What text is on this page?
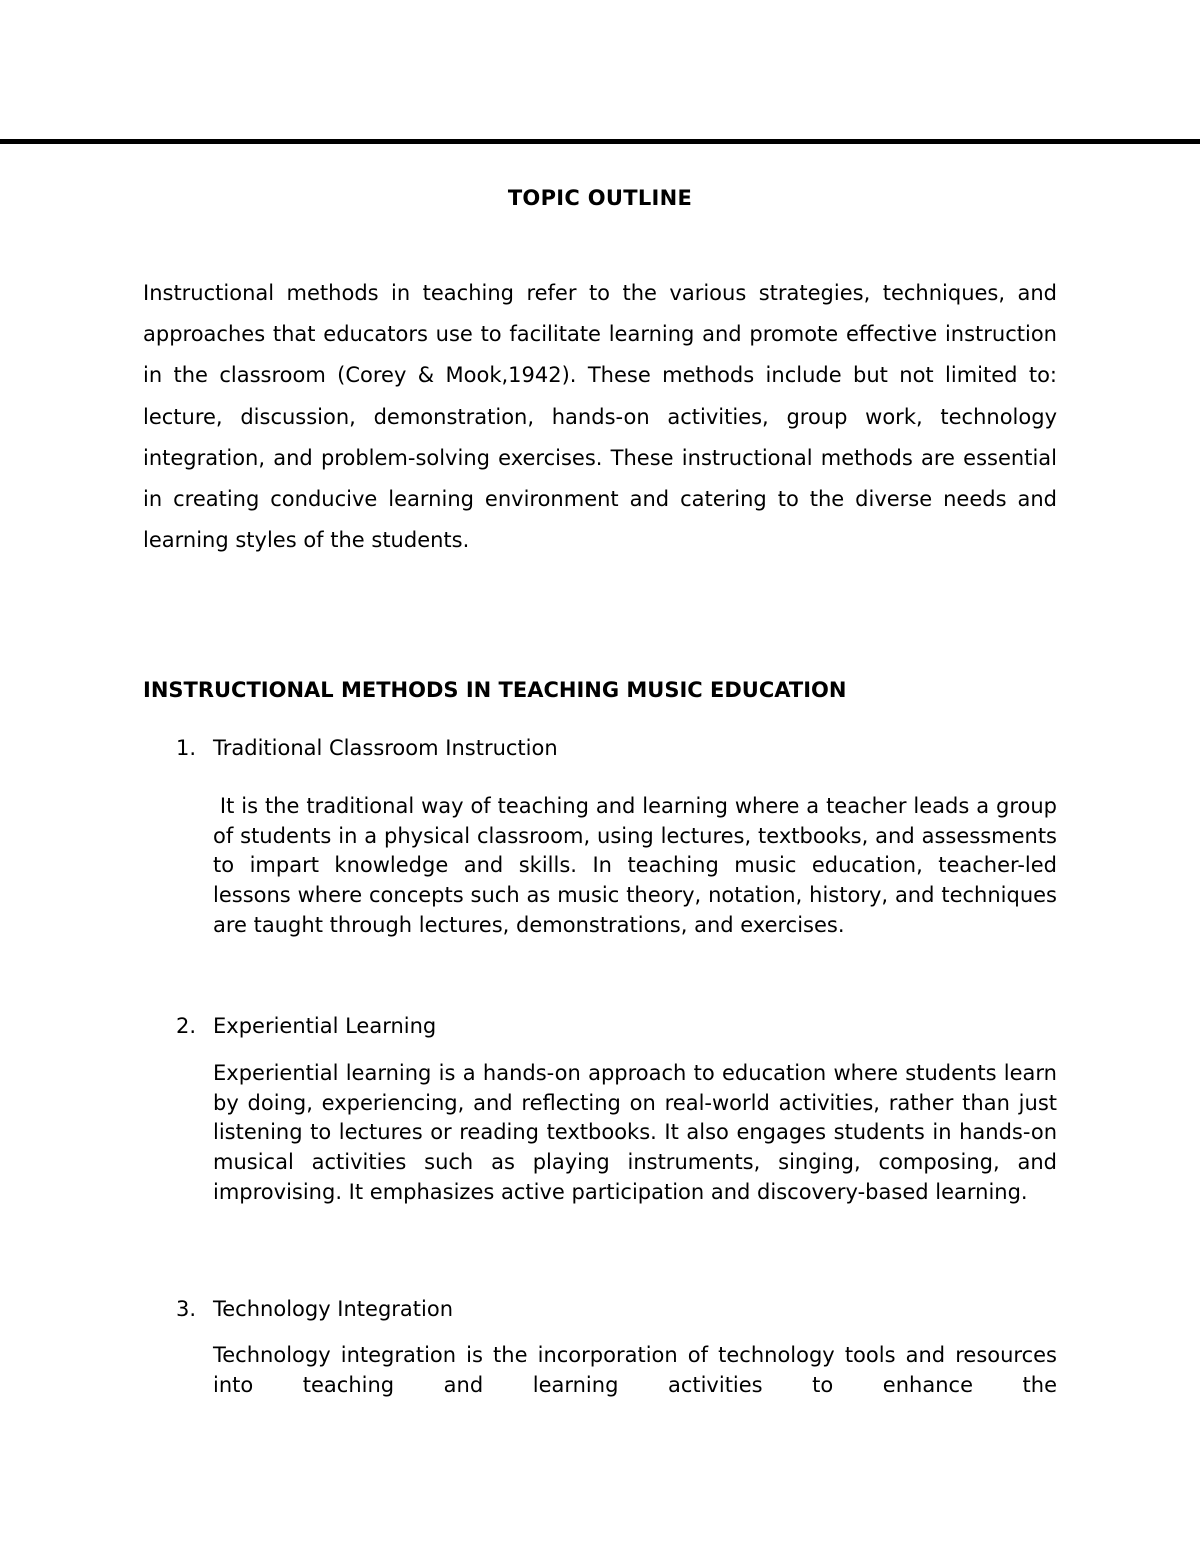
TOPIC OUTLINE

Instructional methods in teaching refer to the various strategies, techniques, and approaches that educators use to facilitate learning and promote effective instruction in the classroom (Corey & Mook,1942). These methods include but not limited to: lecture, discussion, demonstration, hands-on activities, group work, technology integration, and problem-solving exercises. These instructional methods are essential in creating conducive learning environment and catering to the diverse needs and learning styles of the students.

INSTRUCTIONAL METHODS IN TEACHING MUSIC EDUCATION
1. Traditional Classroom Instruction

It is the traditional way of teaching and learning where a teacher leads a group of students in a physical classroom, using lectures, textbooks, and assessments to impart knowledge and skills. In teaching music education, teacher-led lessons where concepts such as music theory, notation, history, and techniques are taught through lectures, demonstrations, and exercises.

2. Experiential Learning

Experiential learning is a hands-on approach to education where students learn by doing, experiencing, and reflecting on real-world activities, rather than just listening to lectures or reading textbooks. It also engages students in hands-on musical activities such as playing instruments, singing, composing, and improvising. It emphasizes active participation and discovery-based learning.

3. Technology Integration

Technology integration is the incorporation of technology tools and resources into teaching and learning activities to enhance the
